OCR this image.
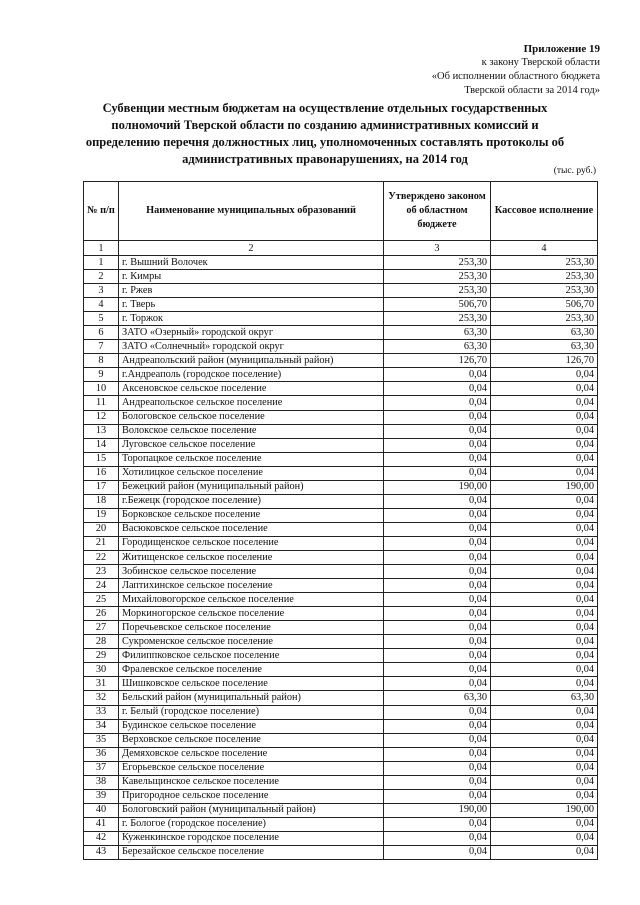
Приложение 19
к закону Тверской области
«Об исполнении областного бюджета
Тверской области за 2014 год»
Субвенции местным бюджетам на осуществление отдельных государственных полномочий Тверской области по созданию административных комиссий и определению перечня должностных лиц, уполномоченных составлять протоколы об административных правонарушениях, на 2014 год
(тыс. руб.)
№ п/п	Наименование муниципальных образований	Утверждено законом об областном бюджете	Кассовое исполнение
1	2	3	4
1	г. Вышний Волочек	253,30	253,30
2	г. Кимры	253,30	253,30
3	г. Ржев	253,30	253,30
4	г. Тверь	506,70	506,70
5	г. Торжок	253,30	253,30
6	ЗАТО «Озерный» городской округ	63,30	63,30
7	ЗАТО «Солнечный» городской округ	63,30	63,30
8	Андреапольский район (муниципальный район)	126,70	126,70
9	г.Андреаполь (городское поселение)	0,04	0,04
10	Аксеновское сельское поселение	0,04	0,04
11	Андреапольское сельское поселение	0,04	0,04
12	Бологовское сельское поселение	0,04	0,04
13	Волокское сельское поселение	0,04	0,04
14	Луговское сельское поселение	0,04	0,04
15	Торопацкое сельское поселение	0,04	0,04
16	Хотилицкое сельское поселение	0,04	0,04
17	Бежецкий район (муниципальный район)	190,00	190,00
18	г.Бежецк (городское поселение)	0,04	0,04
19	Борковское сельское поселение	0,04	0,04
20	Васюковское сельское поселение	0,04	0,04
21	Городищенское сельское поселение	0,04	0,04
22	Житищенское сельское поселение	0,04	0,04
23	Зобинское сельское поселение	0,04	0,04
24	Лаптихинское сельское поселение	0,04	0,04
25	Михайловогорское сельское поселение	0,04	0,04
26	Моркиногорское сельское поселение	0,04	0,04
27	Поречьевское сельское поселение	0,04	0,04
28	Сукроменское сельское поселение	0,04	0,04
29	Филиппковское сельское поселение	0,04	0,04
30	Фралевское сельское поселение	0,04	0,04
31	Шишковское сельское поселение	0,04	0,04
32	Бельский район (муниципальный район)	63,30	63,30
33	г. Белый (городское поселение)	0,04	0,04
34	Будинское сельское поселение	0,04	0,04
35	Верховское сельское поселение	0,04	0,04
36	Демяховское сельское поселение	0,04	0,04
37	Егорьевское сельское поселение	0,04	0,04
38	Кавельщинское сельское поселение	0,04	0,04
39	Пригородное сельское поселение	0,04	0,04
40	Бологовский район (муниципальный район)	190,00	190,00
41	г. Бологое (городское поселение)	0,04	0,04
42	Куженкинское городское поселение	0,04	0,04
43	Березайское сельское поселение	0,04	0,04
